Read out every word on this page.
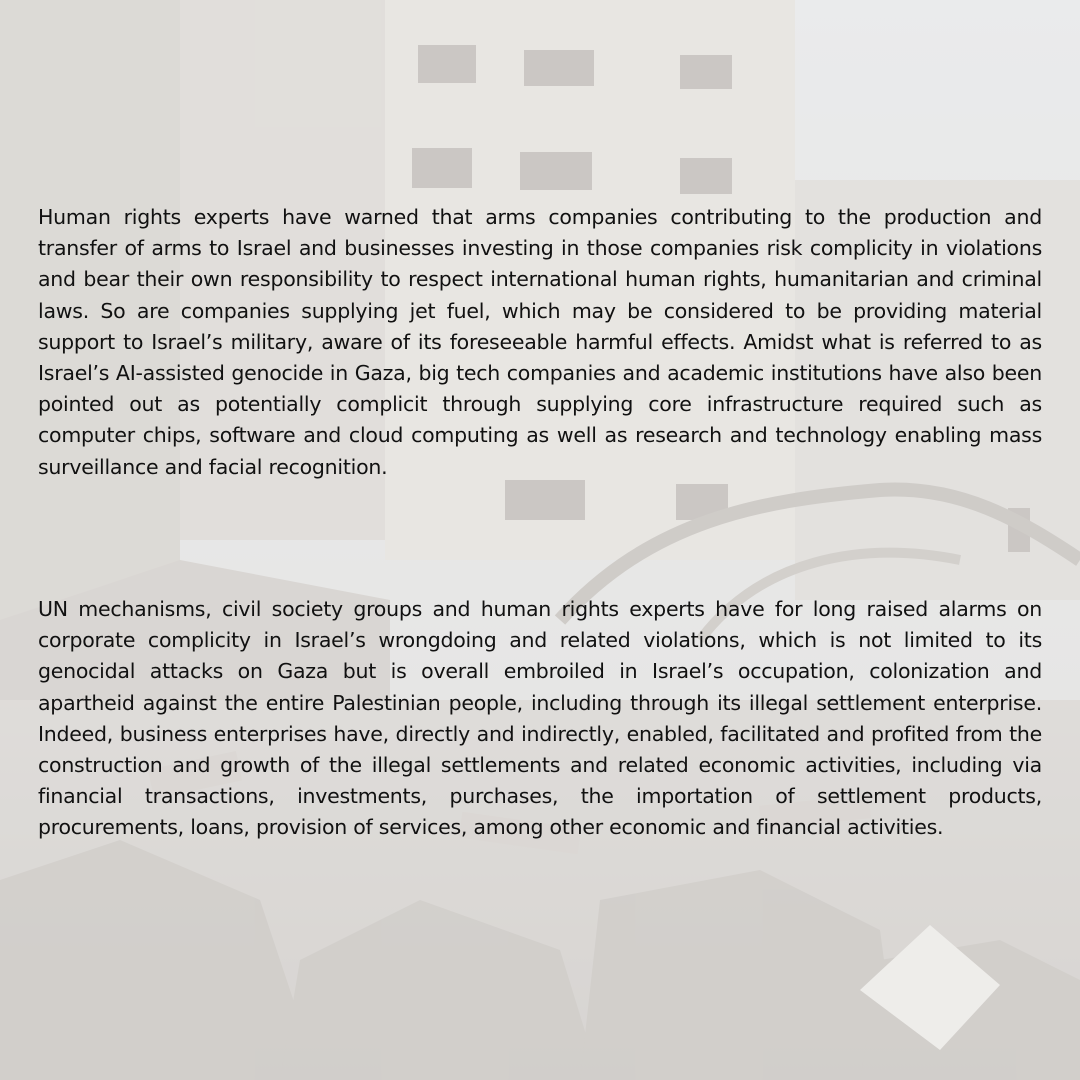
Human rights experts have warned that arms companies contributing to the production and transfer of arms to Israel and businesses investing in those companies risk complicity in violations and bear their own responsibility to respect international human rights, humanitarian and criminal laws. So are companies supplying jet fuel, which may be considered to be providing material support to Israel’s military, aware of its foreseeable harmful effects. Amidst what is referred to as Israel’s AI-assisted genocide in Gaza, big tech companies and academic institutions have also been pointed out as potentially complicit through supplying core infrastructure required such as computer chips, software and cloud computing as well as research and technology enabling mass surveillance and facial recognition.

UN mechanisms, civil society groups and human rights experts have for long raised alarms on corporate complicity in Israel’s wrongdoing and related violations, which is not limited to its genocidal attacks on Gaza but is overall embroiled in Israel’s occupation, colonization and apartheid against the entire Palestinian people, including through its illegal settlement enterprise. Indeed, business enterprises have, directly and indirectly, enabled, facilitated and profited from the construction and growth of the illegal settlements and related economic activities, including via financial transactions, investments, purchases, the importation of settlement products, procurements, loans, provision of services, among other economic and financial activities.
